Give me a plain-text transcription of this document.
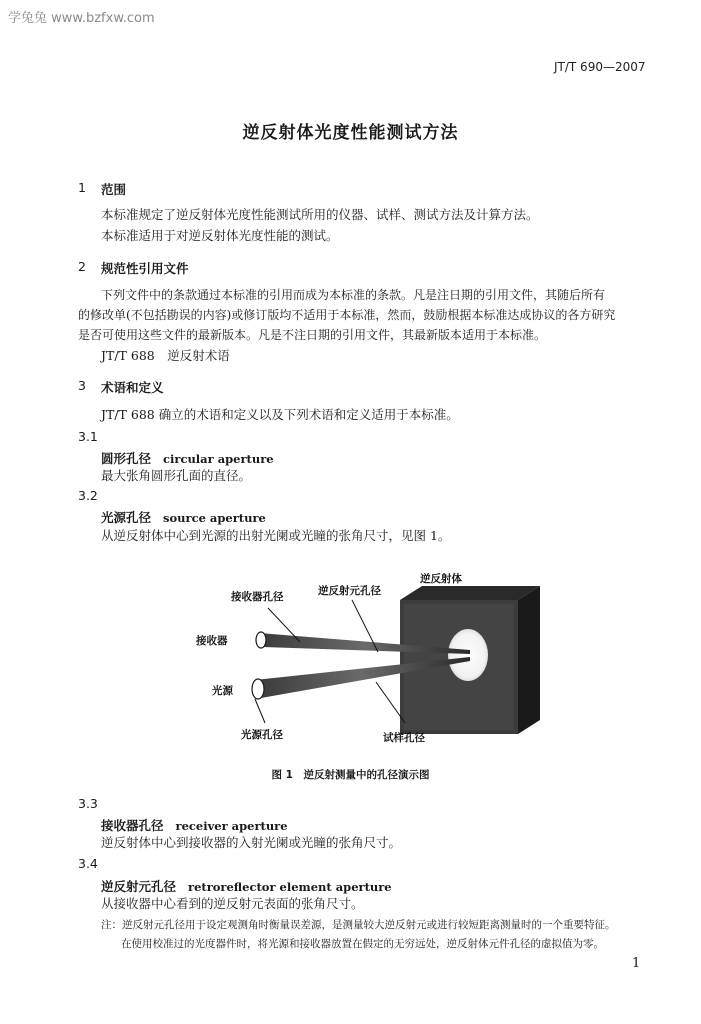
学兔兔 www.bzfxw.com
JT/T 690—2007
逆反射体光度性能测试方法
1 范围
本标准规定了逆反射体光度性能测试所用的仪器、试样、测试方法及计算方法。
本标准适用于对逆反射体光度性能的测试。
2 规范性引用文件
下列文件中的条款通过本标准的引用而成为本标准的条款。凡是注日期的引用文件，其随后所有
的修改单(不包括勘误的内容)或修订版均不适用于本标准，然而，鼓励根据本标准达成协议的各方研究
是否可使用这些文件的最新版本。凡是不注日期的引用文件，其最新版本适用于本标准。
JT/T 688　逆反射术语
3 术语和定义
JT/T 688 确立的术语和定义以及下列术语和定义适用于本标准。
3.1
圆形孔径 circular aperture
最大张角圆形孔面的直径。
3.2
光源孔径 source aperture
从逆反射体中心到光源的出射光阑或光瞳的张角尺寸，见图 1。
逆反射体
接收器孔径	逆反射元孔径
接收器
光源
光源孔径	试样孔径
图 1　逆反射测量中的孔径演示图
3.3
接收器孔径 receiver aperture
逆反射体中心到接收器的入射光阑或光瞳的张角尺寸。
3.4
逆反射元孔径 retroreflector element aperture
从接收器中心看到的逆反射元表面的张角尺寸。
注：逆反射元孔径用于设定观测角时衡量误差源，是测量较大逆反射元或进行较短距离测量时的一个重要特征。
在使用校准过的光度器件时，将光源和接收器放置在假定的无穷远处，逆反射体元件孔径的虚拟值为零。
1
